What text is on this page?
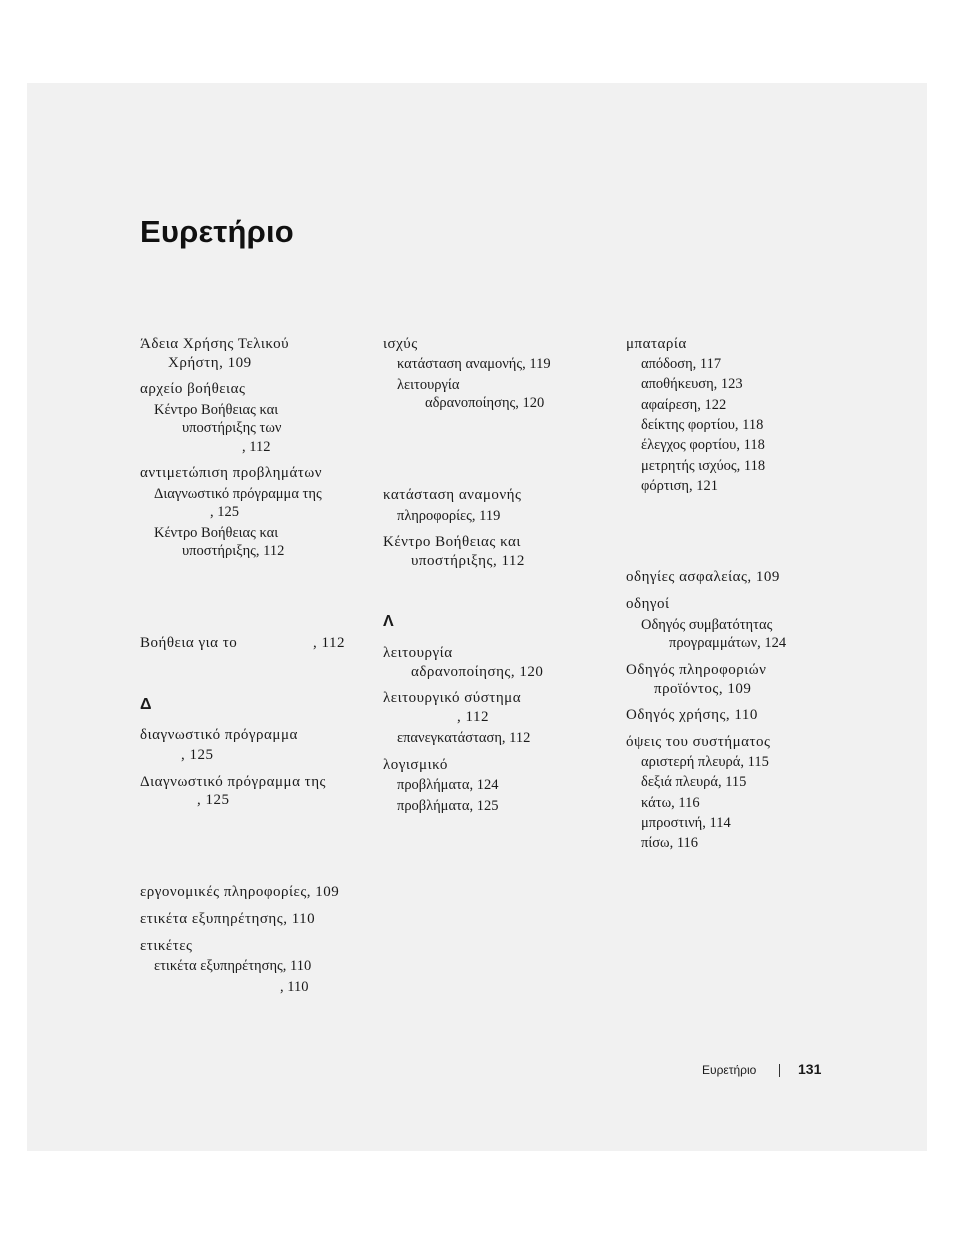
Ευρετήριο
Άδεια Χρήσης Τελικού
Χρήστη, 109
αρχείο βοήθειας
Κέντρο Βοήθειας και
υποστήριξης των
, 112
αντιμετώπιση προβλημάτων
Διαγνωστικό πρόγραμμα της
, 125
Κέντρο Βοήθειας και
υποστήριξης, 112
Βοήθεια για το	, 112
Δ
διαγνωστικό πρόγραμμα
, 125
Διαγνωστικό πρόγραμμα της
, 125
εργονομικές πληροφορίες, 109
ετικέτα εξυπηρέτησης, 110
ετικέτες
ετικέτα εξυπηρέτησης, 110
, 110
ισχύς
κατάσταση αναμονής, 119
λειτουργία
αδρανοποίησης, 120
κατάσταση αναμονής
πληροφορίες, 119
Κέντρο Βοήθειας και
υποστήριξης, 112
Λ
λειτουργία
αδρανοποίησης, 120
λειτουργικό σύστημα
, 112
επανεγκατάσταση, 112
λογισμικό
προβλήματα, 124
προβλήματα, 125
μπαταρία
απόδοση, 117
αποθήκευση, 123
αφαίρεση, 122
δείκτης φορτίου, 118
έλεγχος φορτίου, 118
μετρητής ισχύος, 118
φόρτιση, 121
οδηγίες ασφαλείας, 109
οδηγοί
Οδηγός συμβατότητας
προγραμμάτων, 124
Οδηγός πληροφοριών
προϊόντος, 109
Οδηγός χρήσης, 110
όψεις του συστήματος
αριστερή πλευρά, 115
δεξιά πλευρά, 115
κάτω, 116
μπροστινή, 114
πίσω, 116
Ευρετήριο	131
